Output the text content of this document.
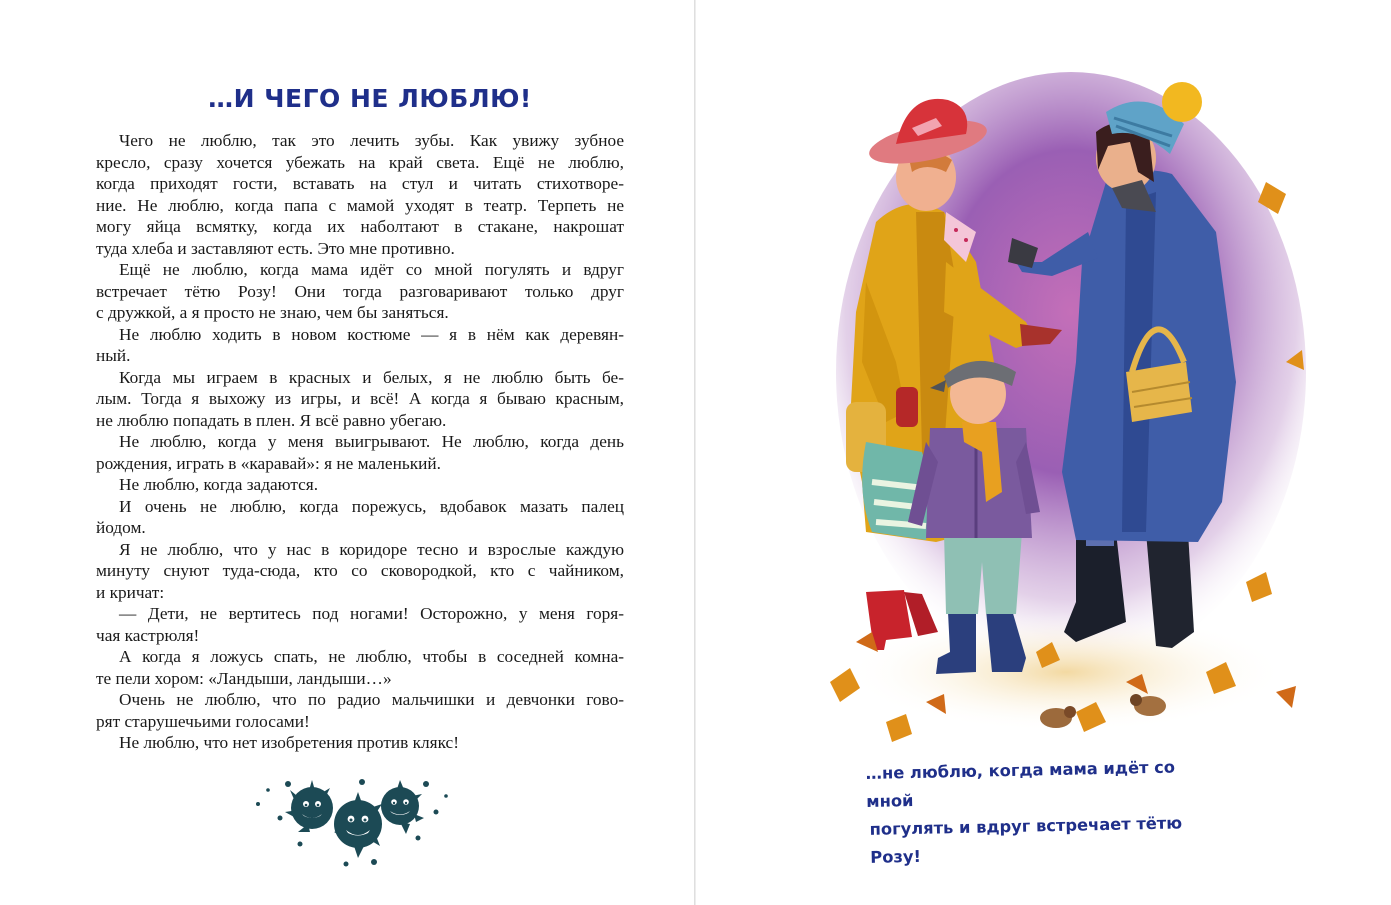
…И ЧЕГО НЕ ЛЮБЛЮ!
Чего не люблю, так это лечить зубы. Как увижу зубное
кресло, сразу хочется убежать на край света. Ещё не люблю,
когда приходят гости, вставать на стул и читать стихотворе-
ние. Не люблю, когда папа с мамой уходят в театр. Терпеть не
могу яйца всмятку, когда их наболтают в стакане, накрошат
туда хлеба и заставляют есть. Это мне противно.
Ещё не люблю, когда мама идёт со мной погулять и вдруг
встречает тётю Розу! Они тогда разговаривают только друг
с дружкой, а я просто не знаю, чем бы заняться.
Не люблю ходить в новом костюме — я в нём как деревян-
ный.
Когда мы играем в красных и белых, я не люблю быть бе-
лым. Тогда я выхожу из игры, и всё! А когда я бываю красным,
не люблю попадать в плен. Я всё равно убегаю.
Не люблю, когда у меня выигрывают. Не люблю, когда день
рождения, играть в «каравай»: я не маленький.
Не люблю, когда задаются.
И очень не люблю, когда порежусь, вдобавок мазать палец
йодом.
Я не люблю, что у нас в коридоре тесно и взрослые каждую
минуту снуют туда-сюда, кто со сковородкой, кто с чайником,
и кричат:
— Дети, не вертитесь под ногами! Осторожно, у меня горя-
чая кастрюля!
А когда я ложусь спать, не люблю, чтобы в соседней комна-
те пели хором: «Ландыши, ландыши…»
Очень не люблю, что по радио мальчишки и девчонки гово-
рят старушечьими голосами!
Не люблю, что нет изобретения против клякс!
…не люблю, когда мама идёт со мной
погулять и вдруг встречает тётю Розу!
